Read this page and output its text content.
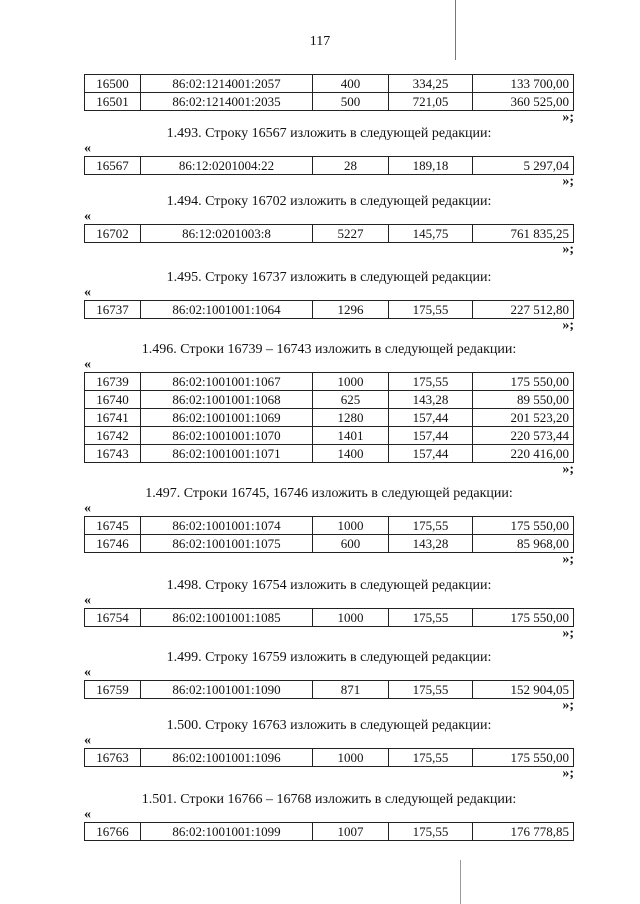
117
16500	86:02:1214001:2057	400	334,25	133 700,00
16501	86:02:1214001:2035	500	721,05	360 525,00
»;
1.493. Строку 16567 изложить в следующей редакции:
«
16567	86:12:0201004:22	28	189,18	5 297,04
»;
1.494. Строку 16702 изложить в следующей редакции:
«
16702	86:12:0201003:8	5227	145,75	761 835,25
»;
1.495. Строку 16737 изложить в следующей редакции:
«
16737	86:02:1001001:1064	1296	175,55	227 512,80
»;
1.496. Строки 16739 – 16743 изложить в следующей редакции:
«
16739	86:02:1001001:1067	1000	175,55	175 550,00
16740	86:02:1001001:1068	625	143,28	89 550,00
16741	86:02:1001001:1069	1280	157,44	201 523,20
16742	86:02:1001001:1070	1401	157,44	220 573,44
16743	86:02:1001001:1071	1400	157,44	220 416,00
»;
1.497. Строки 16745, 16746 изложить в следующей редакции:
«
16745	86:02:1001001:1074	1000	175,55	175 550,00
16746	86:02:1001001:1075	600	143,28	85 968,00
»;
1.498. Строку 16754 изложить в следующей редакции:
«
16754	86:02:1001001:1085	1000	175,55	175 550,00
»;
1.499. Строку 16759 изложить в следующей редакции:
«
16759	86:02:1001001:1090	871	175,55	152 904,05
»;
1.500. Строку 16763 изложить в следующей редакции:
«
16763	86:02:1001001:1096	1000	175,55	175 550,00
»;
1.501. Строки 16766 – 16768 изложить в следующей редакции:
«
16766	86:02:1001001:1099	1007	175,55	176 778,85
